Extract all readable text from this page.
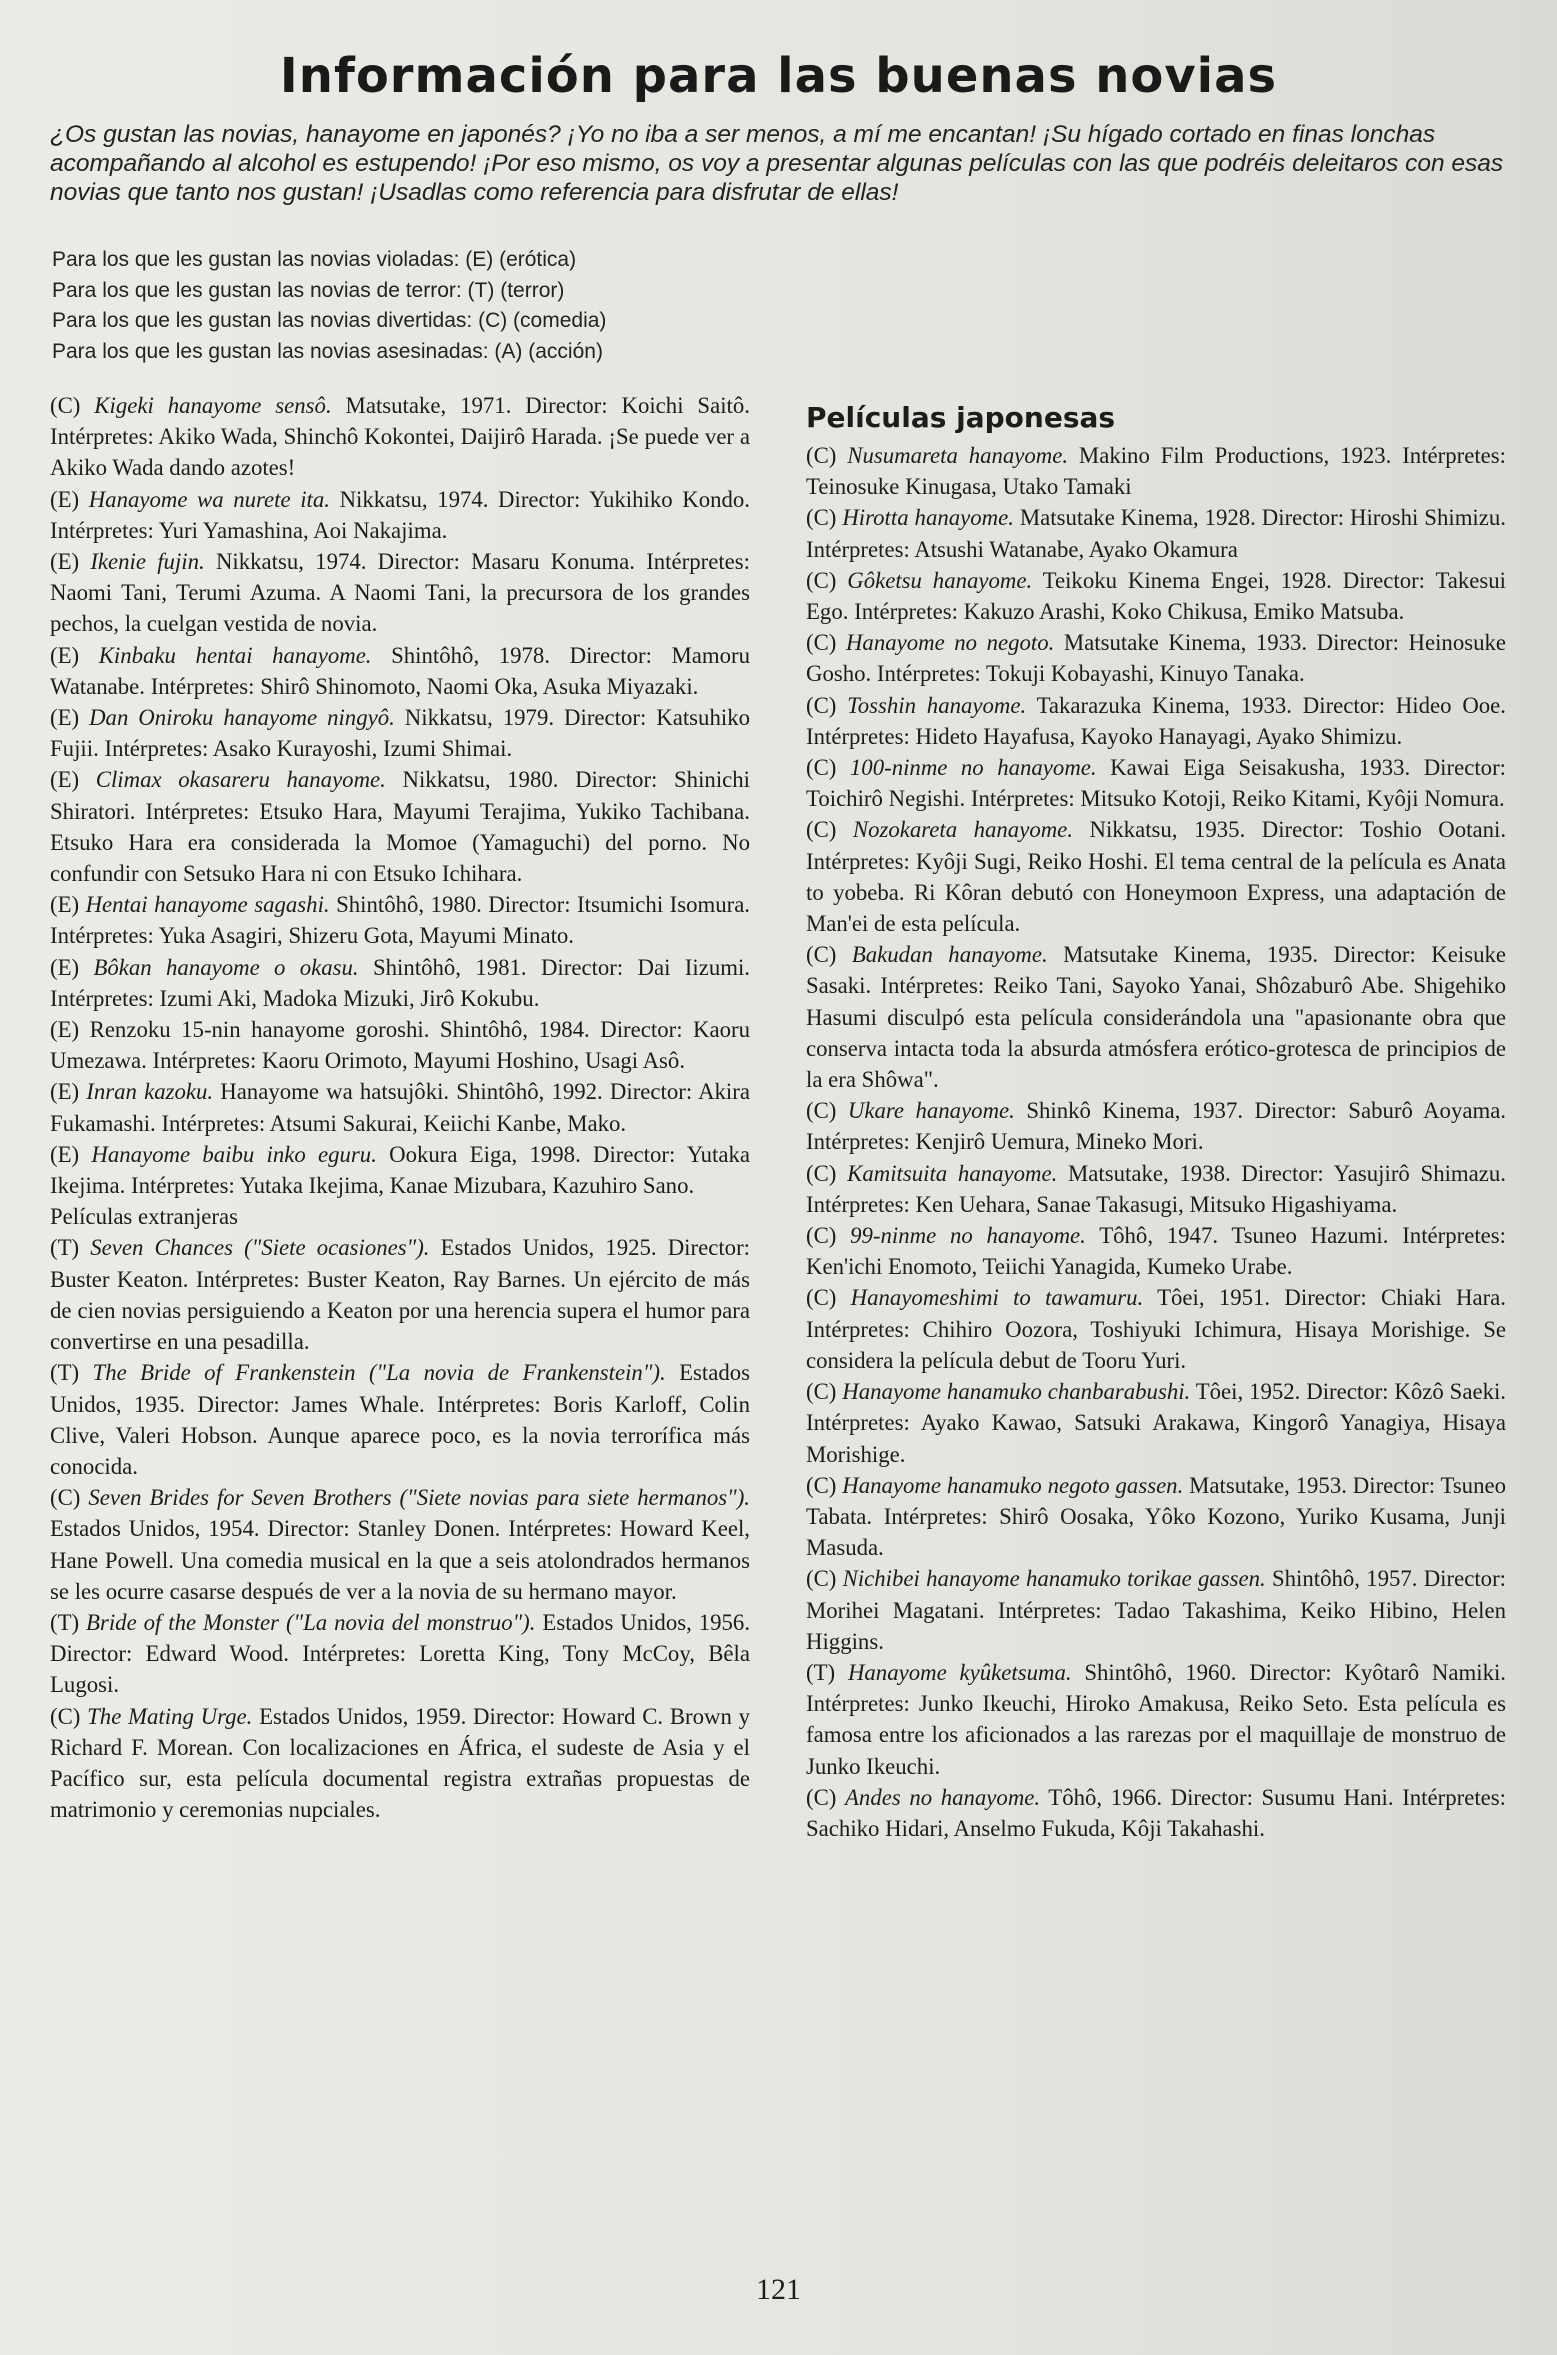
Información para las buenas novias

¿Os gustan las novias, hanayome en japonés? ¡Yo no iba a ser menos, a mí me encantan! ¡Su hígado cortado en finas lonchas acompañando al alcohol es estupendo! ¡Por eso mismo, os voy a presentar algunas películas con las que podréis deleitaros con esas novias que tanto nos gustan! ¡Usadlas como referencia para disfrutar de ellas!

Para los que les gustan las novias violadas: (E) (erótica)
Para los que les gustan las novias de terror: (T) (terror)
Para los que les gustan las novias divertidas: (C) (comedia)
Para los que les gustan las novias asesinadas: (A) (acción)

(C) Kigeki hanayome sensô. Matsutake, 1971. Director: Koichi Saitô. Intérpretes: Akiko Wada, Shinchô Kokontei, Daijirô Harada. ¡Se puede ver a Akiko Wada dando azotes!

(E) Hanayome wa nurete ita. Nikkatsu, 1974. Director: Yukihiko Kondo. Intérpretes: Yuri Yamashina, Aoi Nakajima.

(E) Ikenie fujin. Nikkatsu, 1974. Director: Masaru Konuma. Intérpretes: Naomi Tani, Terumi Azuma. A Naomi Tani, la precursora de los grandes pechos, la cuelgan vestida de novia.

(E) Kinbaku hentai hanayome. Shintôhô, 1978. Director: Mamoru Watanabe. Intérpretes: Shirô Shinomoto, Naomi Oka, Asuka Miyazaki.

(E) Dan Oniroku hanayome ningyô. Nikkatsu, 1979. Director: Katsuhiko Fujii. Intérpretes: Asako Kurayoshi, Izumi Shimai.

(E) Climax okasareru hanayome. Nikkatsu, 1980. Director: Shinichi Shiratori. Intérpretes: Etsuko Hara, Mayumi Terajima, Yukiko Tachibana. Etsuko Hara era considerada la Momoe (Yamaguchi) del porno. No confundir con Setsuko Hara ni con Etsuko Ichihara.

(E) Hentai hanayome sagashi. Shintôhô, 1980. Director: Itsumichi Isomura. Intérpretes: Yuka Asagiri, Shizeru Gota, Mayumi Minato.

(E) Bôkan hanayome o okasu. Shintôhô, 1981. Director: Dai Iizumi. Intérpretes: Izumi Aki, Madoka Mizuki, Jirô Kokubu.

(E) Renzoku 15-nin hanayome goroshi. Shintôhô, 1984. Director: Kaoru Umezawa. Intérpretes: Kaoru Orimoto, Mayumi Hoshino, Usagi Asô.

(E) Inran kazoku. Hanayome wa hatsujôki. Shintôhô, 1992. Director: Akira Fukamashi. Intérpretes: Atsumi Sakurai, Keiichi Kanbe, Mako.

(E) Hanayome baibu inko eguru. Ookura Eiga, 1998. Director: Yutaka Ikejima. Intérpretes: Yutaka Ikejima, Kanae Mizubara, Kazuhiro Sano.

Películas extranjeras

(T) Seven Chances ("Siete ocasiones"). Estados Unidos, 1925. Director: Buster Keaton. Intérpretes: Buster Keaton, Ray Barnes. Un ejército de más de cien novias persiguiendo a Keaton por una herencia supera el humor para convertirse en una pesadilla.

(T) The Bride of Frankenstein ("La novia de Frankenstein"). Estados Unidos, 1935. Director: James Whale. Intérpretes: Boris Karloff, Colin Clive, Valeri Hobson. Aunque aparece poco, es la novia terrorífica más conocida.

(C) Seven Brides for Seven Brothers ("Siete novias para siete hermanos"). Estados Unidos, 1954. Director: Stanley Donen. Intérpretes: Howard Keel, Hane Powell. Una comedia musical en la que a seis atolondrados hermanos se les ocurre casarse después de ver a la novia de su hermano mayor.

(T) Bride of the Monster ("La novia del monstruo"). Estados Unidos, 1956. Director: Edward Wood. Intérpretes: Loretta King, Tony McCoy, Bêla Lugosi.

(C) The Mating Urge. Estados Unidos, 1959. Director: Howard C. Brown y Richard F. Morean. Con localizaciones en África, el sudeste de Asia y el Pacífico sur, esta película documental registra extrañas propuestas de matrimonio y ceremonias nupciales.

Películas japonesas

(C) Nusumareta hanayome. Makino Film Productions, 1923. Intérpretes: Teinosuke Kinugasa, Utako Tamaki

(C) Hirotta hanayome. Matsutake Kinema, 1928. Director: Hiroshi Shimizu. Intérpretes: Atsushi Watanabe, Ayako Okamura

(C) Gôketsu hanayome. Teikoku Kinema Engei, 1928. Director: Takesui Ego. Intérpretes: Kakuzo Arashi, Koko Chikusa, Emiko Matsuba.

(C) Hanayome no negoto. Matsutake Kinema, 1933. Director: Heinosuke Gosho. Intérpretes: Tokuji Kobayashi, Kinuyo Tanaka.

(C) Tosshin hanayome. Takarazuka Kinema, 1933. Director: Hideo Ooe. Intérpretes: Hideto Hayafusa, Kayoko Hanayagi, Ayako Shimizu.

(C) 100-ninme no hanayome. Kawai Eiga Seisakusha, 1933. Director: Toichirô Negishi. Intérpretes: Mitsuko Kotoji, Reiko Kitami, Kyôji Nomura.

(C) Nozokareta hanayome. Nikkatsu, 1935. Director: Toshio Ootani. Intérpretes: Kyôji Sugi, Reiko Hoshi. El tema central de la película es Anata to yobeba. Ri Kôran debutó con Honeymoon Express, una adaptación de Man'ei de esta película.

(C) Bakudan hanayome. Matsutake Kinema, 1935. Director: Keisuke Sasaki. Intérpretes: Reiko Tani, Sayoko Yanai, Shôzaburô Abe. Shigehiko Hasumi disculpó esta película considerándola una "apasionante obra que conserva intacta toda la absurda atmósfera erótico-grotesca de principios de la era Shôwa".

(C) Ukare hanayome. Shinkô Kinema, 1937. Director: Saburô Aoyama. Intérpretes: Kenjirô Uemura, Mineko Mori.

(C) Kamitsuita hanayome. Matsutake, 1938. Director: Yasujirô Shimazu. Intérpretes: Ken Uehara, Sanae Takasugi, Mitsuko Higashiyama.

(C) 99-ninme no hanayome. Tôhô, 1947. Tsuneo Hazumi. Intérpretes: Ken'ichi Enomoto, Teiichi Yanagida, Kumeko Urabe.

(C) Hanayomeshimi to tawamuru. Tôei, 1951. Director: Chiaki Hara. Intérpretes: Chihiro Oozora, Toshiyuki Ichimura, Hisaya Morishige. Se considera la película debut de Tooru Yuri.

(C) Hanayome hanamuko chanbarabushi. Tôei, 1952. Director: Kôzô Saeki. Intérpretes: Ayako Kawao, Satsuki Arakawa, Kingorô Yanagiya, Hisaya Morishige.

(C) Hanayome hanamuko negoto gassen. Matsutake, 1953. Director: Tsuneo Tabata. Intérpretes: Shirô Oosaka, Yôko Kozono, Yuriko Kusama, Junji Masuda.

(C) Nichibei hanayome hanamuko torikae gassen. Shintôhô, 1957. Director: Morihei Magatani. Intérpretes: Tadao Takashima, Keiko Hibino, Helen Higgins.

(T) Hanayome kyûketsuma. Shintôhô, 1960. Director: Kyôtarô Namiki. Intérpretes: Junko Ikeuchi, Hiroko Amakusa, Reiko Seto. Esta película es famosa entre los aficionados a las rarezas por el maquillaje de monstruo de Junko Ikeuchi.

(C) Andes no hanayome. Tôhô, 1966. Director: Susumu Hani. Intérpretes: Sachiko Hidari, Anselmo Fukuda, Kôji Takahashi.

121
